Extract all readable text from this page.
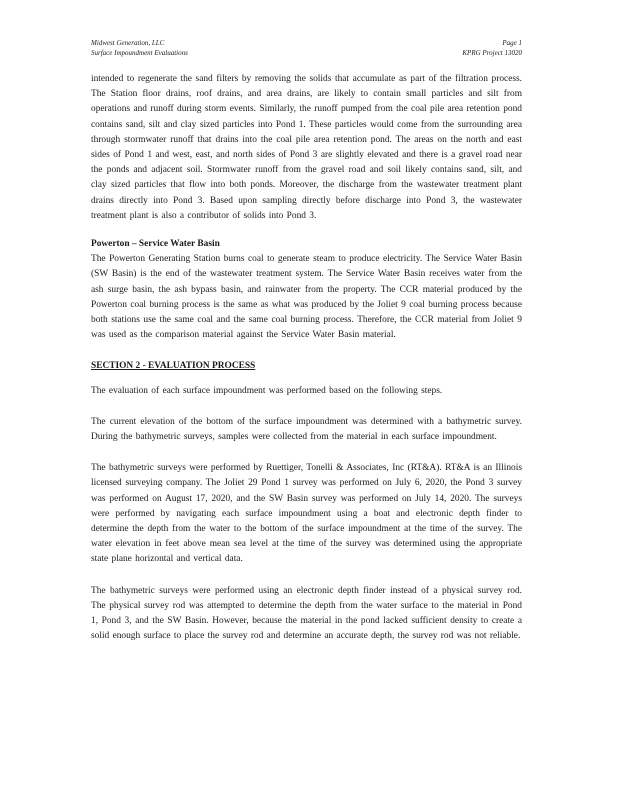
Midwest Generation, LLC	Page 1
Surface Impoundment Evaluations	KPRG Project 13020

intended to regenerate the sand filters by removing the solids that accumulate as part of the filtration process. The Station floor drains, roof drains, and area drains, are likely to contain small particles and silt from operations and runoff during storm events. Similarly, the runoff pumped from the coal pile area retention pond contains sand, silt and clay sized particles into Pond 1. These particles would come from the surrounding area through stormwater runoff that drains into the coal pile area retention pond. The areas on the north and east sides of Pond 1 and west, east, and north sides of Pond 3 are slightly elevated and there is a gravel road near the ponds and adjacent soil. Stormwater runoff from the gravel road and soil likely contains sand, silt, and clay sized particles that flow into both ponds. Moreover, the discharge from the wastewater treatment plant drains directly into Pond 3. Based upon sampling directly before discharge into Pond 3, the wastewater treatment plant is also a contributor of solids into Pond 3.

Powerton – Service Water Basin

The Powerton Generating Station burns coal to generate steam to produce electricity. The Service Water Basin (SW Basin) is the end of the wastewater treatment system. The Service Water Basin receives water from the ash surge basin, the ash bypass basin, and rainwater from the property. The CCR material produced by the Powerton coal burning process is the same as what was produced by the Joliet 9 coal burning process because both stations use the same coal and the same coal burning process. Therefore, the CCR material from Joliet 9 was used as the comparison material against the Service Water Basin material.

SECTION 2 - EVALUATION PROCESS

The evaluation of each surface impoundment was performed based on the following steps.

The current elevation of the bottom of the surface impoundment was determined with a bathymetric survey. During the bathymetric surveys, samples were collected from the material in each surface impoundment.

The bathymetric surveys were performed by Ruettiger, Tonelli & Associates, Inc (RT&A). RT&A is an Illinois licensed surveying company. The Joliet 29 Pond 1 survey was performed on July 6, 2020, the Pond 3 survey was performed on August 17, 2020, and the SW Basin survey was performed on July 14, 2020. The surveys were performed by navigating each surface impoundment using a boat and electronic depth finder to determine the depth from the water to the bottom of the surface impoundment at the time of the survey. The water elevation in feet above mean sea level at the time of the survey was determined using the appropriate state plane horizontal and vertical data.

The bathymetric surveys were performed using an electronic depth finder instead of a physical survey rod. The physical survey rod was attempted to determine the depth from the water surface to the material in Pond 1, Pond 3, and the SW Basin. However, because the material in the pond lacked sufficient density to create a solid enough surface to place the survey rod and determine an accurate depth, the survey rod was not reliable.
